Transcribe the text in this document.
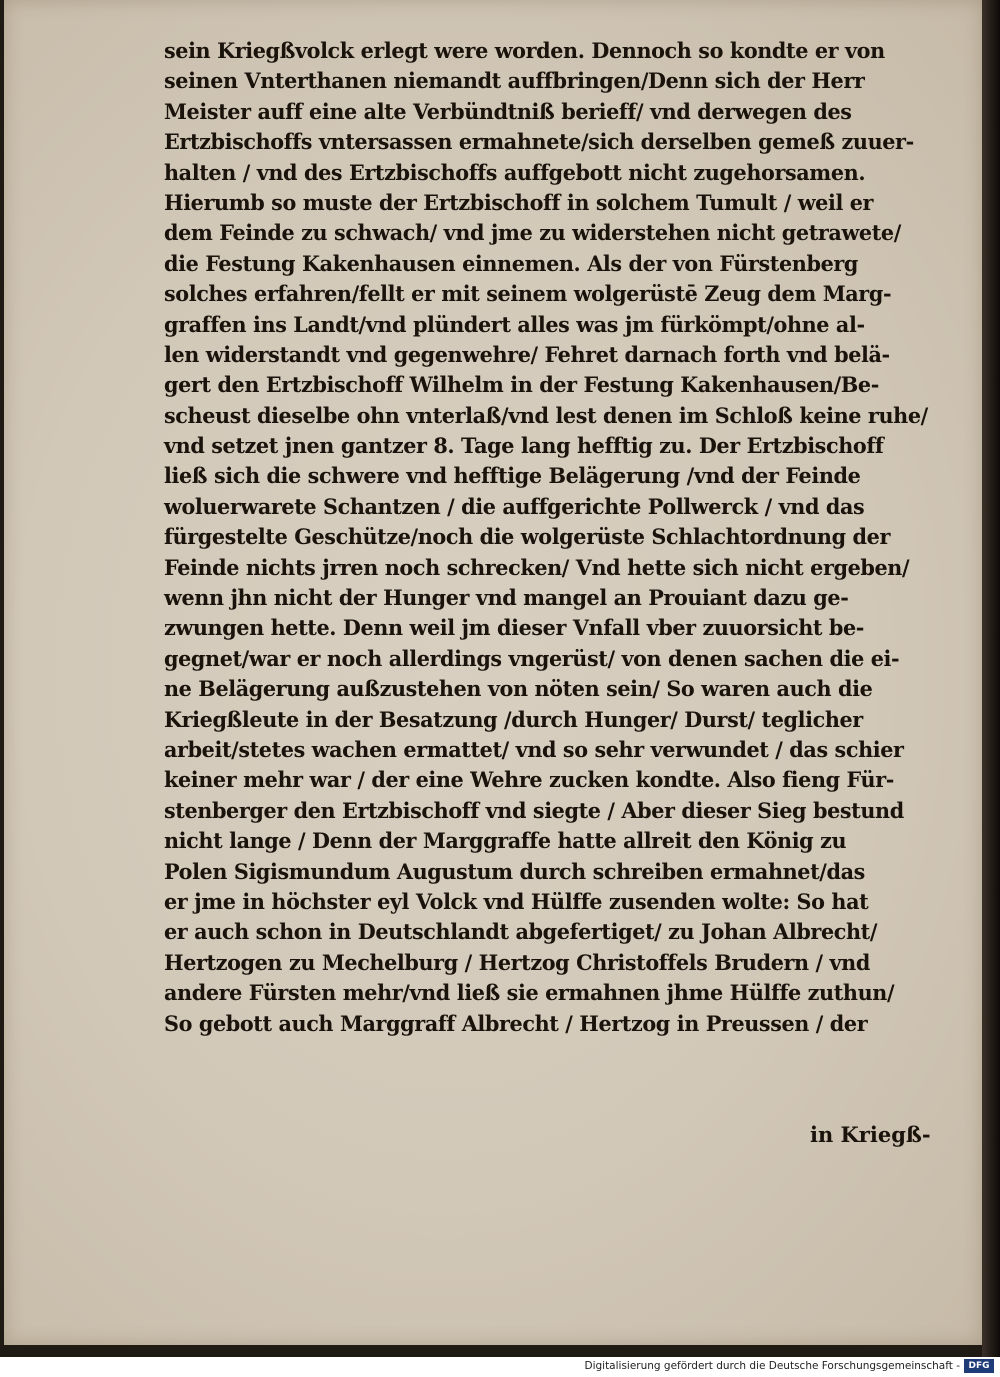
sein Kriegßvolck erlegt were worden. Dennoch so kondte er von
seinen Vnterthanen niemandt auffbringen/Denn sich der Herr
Meister auff eine alte Verbündtniß berieff/ vnd derwegen des
Ertzbischoffs vntersassen ermahnete/sich derselben gemeß zuuer-
halten / vnd des Ertzbischoffs auffgebott nicht zugehorsamen.
Hierumb so muste der Ertzbischoff in solchem Tumult / weil er
dem Feinde zu schwach/ vnd jme zu widerstehen nicht getrawete/
die Festung Kakenhausen einnemen. Als der von Fürstenberg
solches erfahren/fellt er mit seinem wolgerüstē Zeug dem Marg-
graffen ins Landt/vnd plündert alles was jm fürkömpt/ohne al-
len widerstandt vnd gegenwehre/ Fehret darnach forth vnd belä-
gert den Ertzbischoff Wilhelm in der Festung Kakenhausen/Be-
scheust dieselbe ohn vnterlaß/vnd lest denen im Schloß keine ruhe/
vnd setzet jnen gantzer 8. Tage lang hefftig zu. Der Ertzbischoff
ließ sich die schwere vnd hefftige Belägerung /vnd der Feinde
woluerwarete Schantzen / die auffgerichte Pollwerck / vnd das
fürgestelte Geschütze/noch die wolgerüste Schlachtordnung der
Feinde nichts jrren noch schrecken/ Vnd hette sich nicht ergeben/
wenn jhn nicht der Hunger vnd mangel an Prouiant dazu ge-
zwungen hette. Denn weil jm dieser Vnfall vber zuuorsicht be-
gegnet/war er noch allerdings vngerüst/ von denen sachen die ei-
ne Belägerung außzustehen von nöten sein/ So waren auch die
Kriegßleute in der Besatzung /durch Hunger/ Durst/ teglicher
arbeit/stetes wachen ermattet/ vnd so sehr verwundet / das schier
keiner mehr war / der eine Wehre zucken kondte. Also fieng Für-
stenberger den Ertzbischoff vnd siegte / Aber dieser Sieg bestund
nicht lange / Denn der Marggraffe hatte allreit den König zu
Polen Sigismundum Augustum durch schreiben ermahnet/das
er jme in höchster eyl Volck vnd Hülffe zusenden wolte: So hat
er auch schon in Deutschlandt abgefertiget/ zu Johan Albrecht/
Hertzogen zu Mechelburg / Hertzog Christoffels Brudern / vnd
andere Fürsten mehr/vnd ließ sie ermahnen jhme Hülffe zuthun/
So gebott auch Marggraff Albrecht / Hertzog in Preussen / der
in Kriegß-
Digitalisierung gefördert durch die Deutsche Forschungsgemeinschaft - DFG
